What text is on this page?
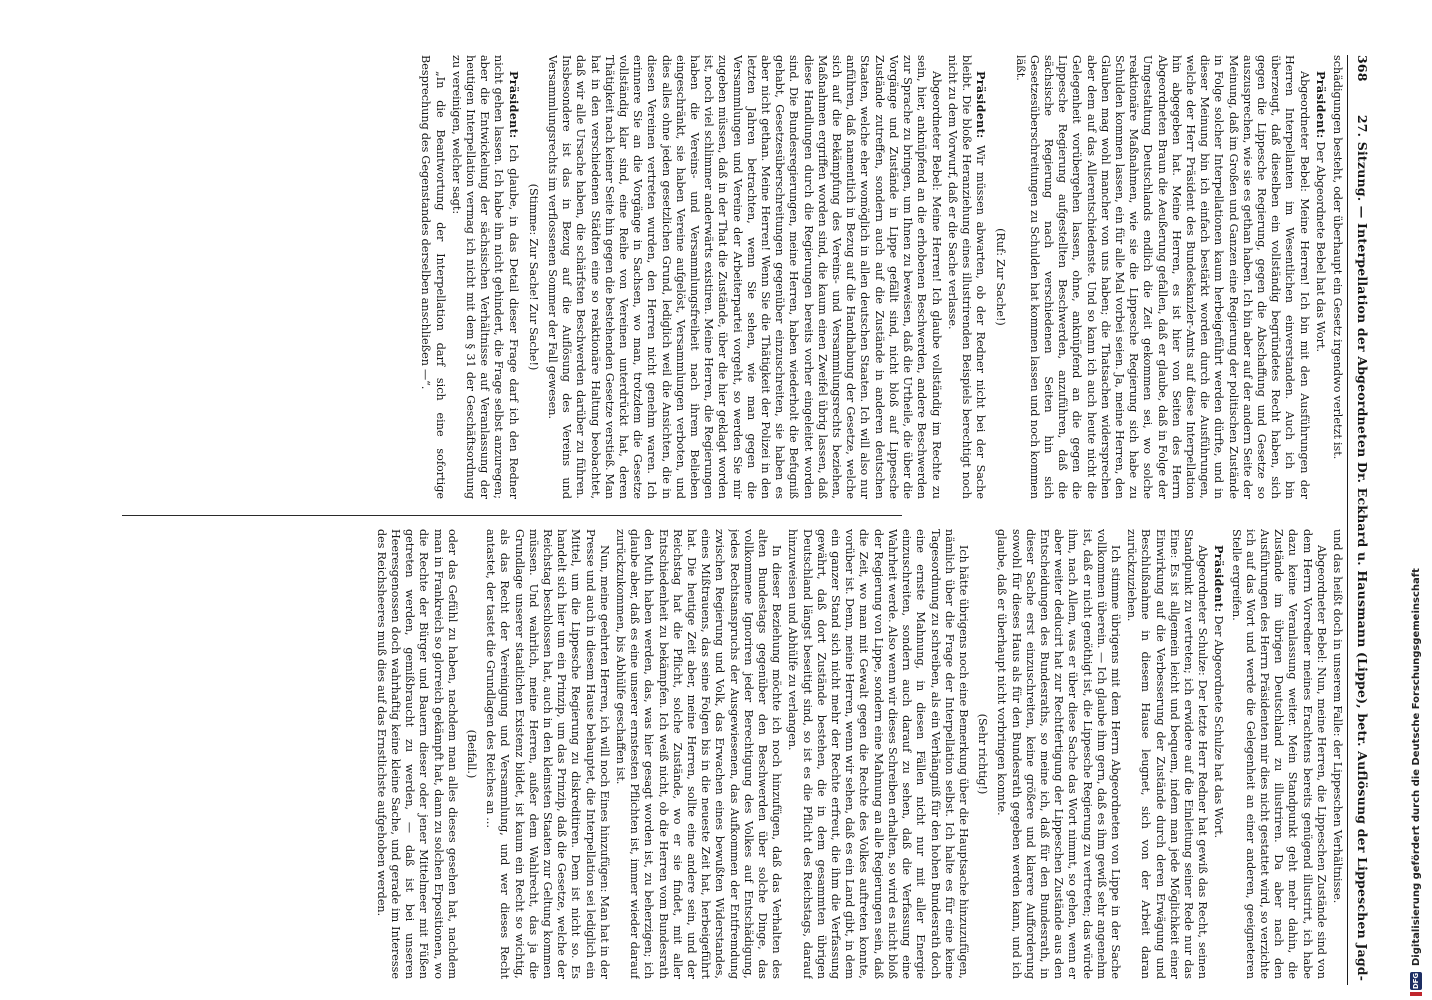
368
27. Sitzung. — Interpellation der Abgeordneten Dr. Eckhard u. Hausmann (Lippe), betr. Auflösung der Lippeschen Jagd-

schädigungen besteht, oder überhaupt ein Gesetz irgendwo verletzt ist.

Präsident: Der Abgeordnete Bebel hat das Wort.

Abgeordneter Bebel: Meine Herren! Ich bin mit den Ausführungen der Herren Interpellanten im Wesentlichen einverstanden. Auch ich bin überzeugt, daß dieselben ein vollständig begründetes Recht haben, sich gegen die Lippesche Regierung, gegen die Abschaffung und Gesetze so auszusprechen, wie sie es gethan haben. Ich bin aber auf der andern Seite der Meinung, daß im Großen und Ganzen eine Regierung der politischen Zustände in Folge solcher Interpellationen kaum herbeigeführt werden dürfte, und in dieser Meinung bin ich einfach bestärkt worden durch die Ausführungen, welche der Herr Präsident des Bundeskanzler-Amts auf diese Interpellation hin abgegeben hat. Meine Herren, es ist hier von Seiten des Herrn Abgeordneten Braun die Aeußerung gefallen, daß er glaube, daß in Folge der Umgestaltung Deutschlands endlich die Zeit gekommen sei, wo solche reaktionäre Maßnahmen, wie sie die Lippesche Regierung sich habe zu Schulden kommen lassen, ein für alle Mal vorbei seien. Ja, meine Herren, den Glauben mag wohl mancher von uns haben; die Thatsachen widersprechen aber dem auf das Allerentschiedenste. Und so kann ich auch heute nicht die Gelegenheit vorübergehen lassen, ohne, anknüpfend an die gegen die Lippesche Regierung aufgestellten Beschwerden, anzuführen, daß die sächsische Regierung nach verschiedenen Seiten hin sich Gesetzesüberschreitungen zu Schulden hat kommen lassen und noch kommen läßt.

(Ruf: Zur Sache!)

Präsident: Wir müssen abwarten, ob der Redner nicht bei der Sache bleibt. Die bloße Heranziehung eines illustrirenden Beispiels berechtigt noch nicht zu dem Vorwurf, daß er die Sache verlasse.

Abgeordneter Bebel: Meine Herren! Ich glaube vollständig im Rechte zu sein, hier, anknüpfend an die erhobenen Beschwerden, andere Beschwerden zur Sprache zu bringen, um Ihnen zu beweisen, daß die Urtheile, die über die Vorgänge und Zustände in Lippe gefällt sind, nicht bloß auf Lippesche Zustände zutreffen, sondern auch auf die Zustände in anderen deutschen Staaten, welche eher womöglich in allen deutschen Staaten. Ich will also nur anführen, daß namentlich in Bezug auf die Handhabung der Gesetze, welche sich auf die Bekämpfung des Vereins- und Versammlungsrechts beziehen, Maßnahmen ergriffen worden sind, die kaum einen Zweifel übrig lassen, daß diese Handlungen durch die Regierungen bereits vorher eingeleitet worden sind. Die Bundesregierungen, meine Herren, haben wiederholt die Befugniß gehabt, Gesetzesüberschreitungen gegenüber einzuschreiten, sie haben es aber nicht gethan. Meine Herren! Wenn Sie die Thätigkeit der Polizei in den letzten Jahren betrachten, wenn Sie sehen, wie man gegen die Versammlungen und Vereine der Arbeiterpartei vorgeht, so werden Sie mir zugeben müssen, daß in der That die Zustände, über die hier geklagt worden ist, noch viel schlimmer anderwärts existiren. Meine Herren, die Regierungen haben die Vereins- und Versammlungsfreiheit nach ihrem Belieben eingeschränkt, sie haben Vereine aufgelöst, Versammlungen verboten, und dies alles ohne jeden gesetzlichen Grund, lediglich weil die Ansichten, die in diesen Vereinen vertreten wurden, den Herren nicht genehm waren. Ich erinnere Sie an die Vorgänge in Sachsen, wo man, trotzdem die Gesetze vollständig klar sind, eine Reihe von Vereinen unterdrückt hat, deren Thätigkeit nach keiner Seite hin gegen die bestehenden Gesetze verstieß. Man hat in den verschiedenen Städten eine so reaktionäre Haltung beobachtet, daß wir alle Ursache haben, die schärfsten Beschwerden darüber zu führen. Insbesondere ist das in Bezug auf die Auflösung des Vereins und Versammlungsrechts im verflossenen Sommer der Fall gewesen.

(Stimme: Zur Sache! Zur Sache!)

Präsident: Ich glaube, in das Detail dieser Frage darf ich den Redner nicht gehen lassen. Ich habe ihn nicht gehindert, die Frage selbst anzuregen; aber die Entwickelung der sächsischen Verhältnisse auf Veranlassung der heutigen Interpellation vermag ich nicht mit dem § 31 der Geschäftsordnung zu vereinigen, welcher sagt:

„In die Beantwortung der Interpellation darf sich eine sofortige Besprechung des Gegenstandes derselben anschließen —“.

und das heißt doch in unserem Falle: der Lippeschen Verhältnisse.

Abgeordneter Bebel: Nun, meine Herren, die Lippeschen Zustände sind von dem Herrn Vorredner meines Erachtens bereits genügend illustrirt, ich habe dazu keine Veranlassung weiter. Mein Standpunkt geht mehr dahin, die Zustände im übrigen Deutschland zu illustriren. Da aber nach den Ausführungen des Herrn Präsidenten mir dies nicht gestattet wird, so verzichte ich auf das Wort und werde die Gelegenheit an einer anderen, geeigneteren Stelle ergreifen.

Präsident: Der Abgeordnete Schulze hat das Wort.

Abgeordneter Schulze: Der letzte Herr Redner hat gewiß das Recht, seinen Standpunkt zu vertreten; ich erwidere auf die Einleitung seiner Rede nur das Eine: Es ist allgemein leicht und bequem, indem man jede Möglichkeit einer Einwirkung auf die Verbesserung der Zustände durch deren Erwägung und Beschlußnahme in diesem Hause leugnet, sich von der Arbeit daran zurückzuziehen.

Ich stimme übrigens mit dem Herrn Abgeordneten von Lippe in der Sache vollkommen überein. — Ich glaube ihm gern, daß es ihm gewiß sehr angenehm ist, daß er nicht genöthigt ist, die Lippesche Regierung zu vertreten; das würde ihm, nach Allem, was er über diese Sache das Wort nimmt, so gehen, wenn er aber weiter deducirt hat zur Rechtfertigung der Lippeschen Zustände aus den Entscheidungen des Bundesraths, so meine ich, daß für den Bundesrath, in dieser Sache erst einzuschreiten, keine größere und klarere Aufforderung sowohl für dieses Haus als für den Bundesrath gegeben werden kann, und ich glaube, daß er überhaupt nicht vorbringen konnte.

(Sehr richtig!)

Ich hätte übrigens noch eine Bemerkung über die Hauptsache hinzuzufügen, nämlich über die Frage der Interpellation selbst. Ich halte es für eine keine Tagesordnung zu schreiben, als ein Verhängniß für den hohen Bundesrath doch eine ernste Mahnung, in diesen Fällen nicht nur mit aller Energie einzuschreiten, sondern auch darauf zu sehen, daß die Verfassung eine Wahrheit werde. Also wenn wir dieses Schreiben erhalten, so wird es nicht bloß der Regierung von Lippe, sondern eine Mahnung an alle Regierungen sein, daß die Zeit, wo man mit Gewalt gegen die Rechte des Volkes auftreten konnte, vorüber ist. Denn, meine Herren, wenn wir sehen, daß es ein Land gibt, in dem ein ganzer Stand sich nicht mehr der Rechte erfreut, die ihm die Verfassung gewährt, daß dort Zustände bestehen, die in dem gesammten übrigen Deutschland längst beseitigt sind, so ist es die Pflicht des Reichstags, darauf hinzuweisen und Abhülfe zu verlangen.

In dieser Beziehung möchte ich noch hinzufügen, daß das Verhalten des alten Bundestags gegenüber den Beschwerden über solche Dinge, das vollkommene Ignoriren jeder Berechtigung des Volkes auf Entschädigung, jedes Rechtsanspruchs der Ausgewiesenen, das Aufkommen der Entfremdung zwischen Regierung und Volk, das Erwachen eines bewußten Widerstandes, eines Mißtrauens, das seine Folgen bis in die neueste Zeit hat, herbeigeführt hat. Die heutige Zeit aber, meine Herren, sollte eine andere sein, und der Reichstag hat die Pflicht, solche Zustände, wo er sie findet, mit aller Entschiedenheit zu bekämpfen. Ich weiß nicht, ob die Herren vom Bundesrath den Muth haben werden, das, was hier gesagt worden ist, zu beherzigen; ich glaube aber, daß es eine unserer ernstesten Pflichten ist, immer wieder darauf zurückzukommen, bis Abhülfe geschaffen ist.

Nun, meine geehrten Herren, ich will noch Eines hinzufügen: Man hat in der Presse und auch in diesem Hause behauptet, die Interpellation sei lediglich ein Mittel, um die Lippesche Regierung zu diskreditiren. Dem ist nicht so. Es handelt sich hier um ein Prinzip, um das Prinzip, daß die Gesetze, welche der Reichstag beschlossen hat, auch in den kleinsten Staaten zur Geltung kommen müssen. Und wahrlich, meine Herren, außer dem Wahlrecht, das ja die Grundlage unserer staatlichen Existenz bildet, ist kaum ein Recht so wichtig, als das Recht der Vereinigung und Versammlung, und wer dieses Recht antastet, der tastet die Grundlagen des Reiches an ...

(Beifall.)

oder das Gefühl zu haben, nachdem man alles dieses gesehen hat, nachdem man in Frankreich so glorreich gekämpft hat, dann zu solchen Erpositionen, wo die Rechte der Bürger und Bauern dieser oder jener Mittelmeer mit Füßen getreten werden, gemißbraucht zu werden, — daß ist bei unseren Heeresgenossen doch wahrhaftig keine kleine Sache, und gerade im Interesse des Reichsheeres muß dies auf das Ernstlichste aufgehoben werden.

DFGDigitalisierung gefördert durch die Deutsche Forschungsgemeinschaft
